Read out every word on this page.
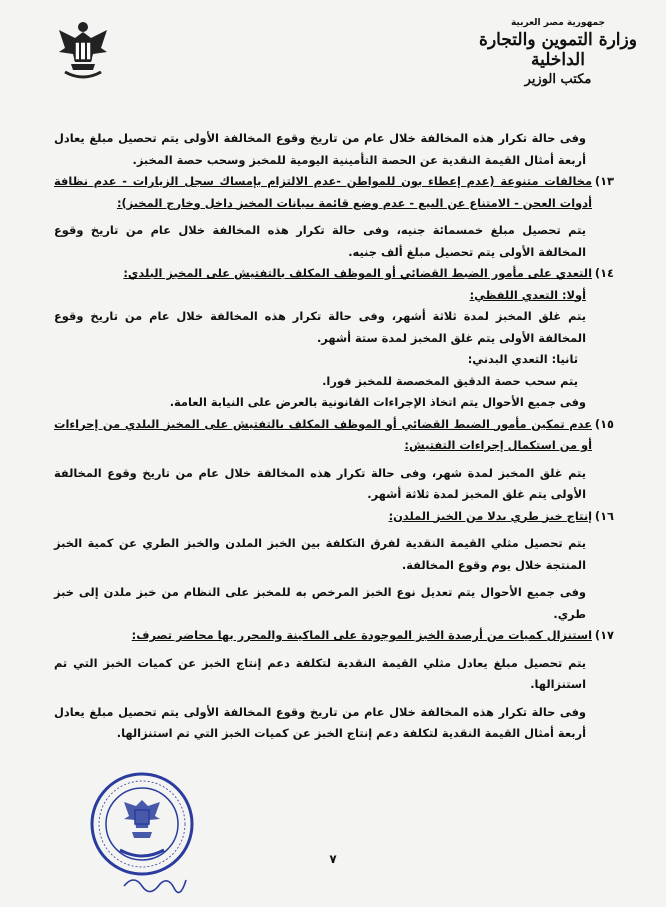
جمهورية مصر العربية
وزارة التموين والتجارة الداخلية
مكتب الوزير

وفى حالة تكرار هذه المخالفة خلال عام من تاريخ وقوع المخالفة الأولى يتم تحصيل مبلغ يعادل أربعة أمثال القيمة النقدية عن الحصة التأمينية اليومية للمخبز وسحب حصة المخبز.

١٣)
مخالفات متنوعة (عدم إعطاء بون للمواطن -عدم الالتزام بإمساك سجل الزيارات - عدم نظافة أدوات العجن - الامتناع عن البيع - عدم وضع قائمة ببيانات المخبز داخل وخارج المخبز):

يتم تحصيل مبلغ خمسمائة جنيه، وفى حالة تكرار هذه المخالفة خلال عام من تاريخ وقوع المخالفة الأولى يتم تحصيل مبلغ ألف جنيه.

١٤)
التعدي على مأمور الضبط القضائي أو الموظف المكلف بالتفتيش على المخبز البلدي:

أولا: التعدي اللفظي:

يتم غلق المخبز لمدة ثلاثة أشهر، وفى حالة تكرار هذه المخالفة خلال عام من تاريخ وقوع المخالفة الأولى يتم غلق المخبز لمدة ستة أشهر.

ثانيا: التعدي البدني:

يتم سحب حصة الدقيق المخصصة للمخبز فورا.

وفى جميع الأحوال يتم اتخاذ الإجراءات القانونية بالعرض على النيابة العامة.

١٥)
عدم تمكين مأمور الضبط القضائي أو الموظف المكلف بالتفتيش على المخبز البلدي من إجراءات أو من استكمال إجراءات التفتيش:

يتم غلق المخبز لمدة شهر، وفى حالة تكرار هذه المخالفة خلال عام من تاريخ وقوع المخالفة الأولى يتم غلق المخبز لمدة ثلاثة أشهر.

١٦)
إنتاج خبز طري بدلا من الخبز الملدن:

يتم تحصيل مثلي القيمة النقدية لفرق التكلفة بين الخبز الملدن والخبز الطري عن كمية الخبز المنتجة خلال يوم وقوع المخالفة.

وفى جميع الأحوال يتم تعديل نوع الخبز المرخص به للمخبز على النظام من خبز ملدن إلى خبز طري.

١٧)
استنزال كميات من أرصدة الخبز الموجودة على الماكينة والمحرر بها محاضر تصرف:

يتم تحصيل مبلغ يعادل مثلي القيمة النقدية لتكلفة دعم إنتاج الخبز عن كميات الخبز التي تم استنزالها.

وفى حالة تكرار هذه المخالفة خلال عام من تاريخ وقوع المخالفة الأولى يتم تحصيل مبلغ يعادل أربعة أمثال القيمة النقدية لتكلفة دعم إنتاج الخبز عن كميات الخبز التي تم استنزالها.

٧
